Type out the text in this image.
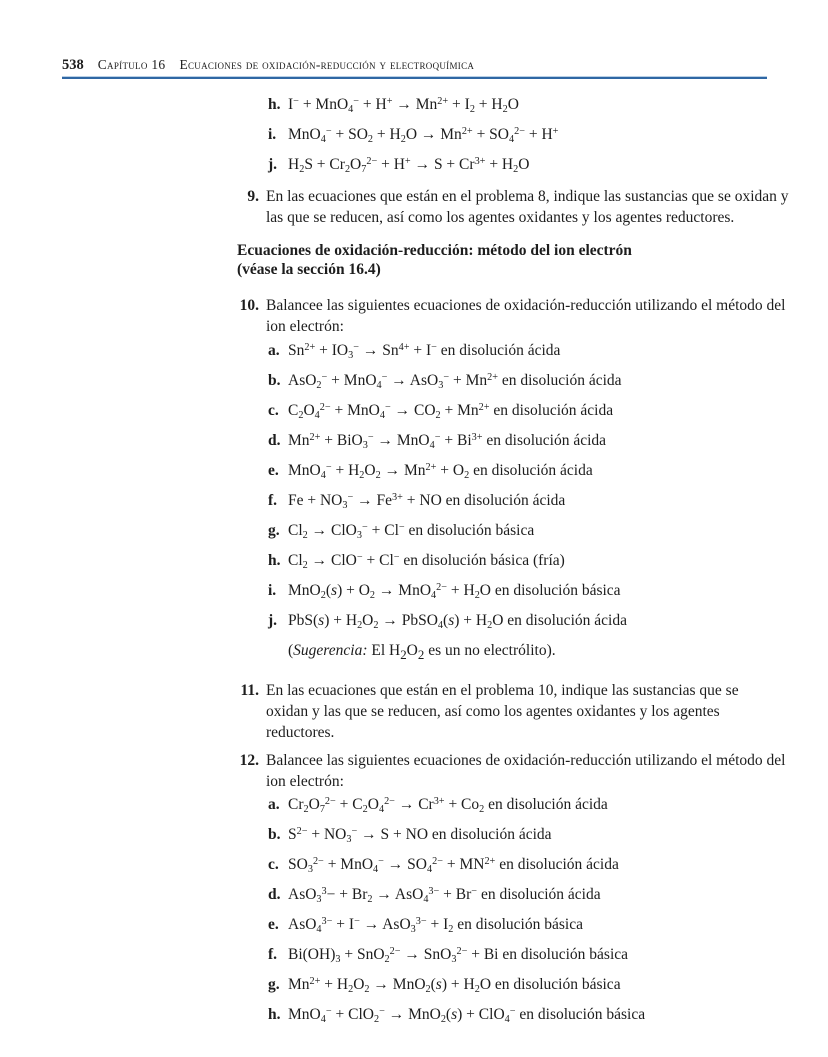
538 Capítulo 16 Ecuaciones de oxidación-reducción y electroquímica
h. $I^- + MnO_4^- + H^+ \to Mn^{2+} + I_2 + H_2O$
i. $MnO_4^- + SO_2 + H_2O \to Mn^{2+} + SO_4^{2-} + H^+$
j. $H_2S + Cr_2O_7^{2-} + H^+ \to S + Cr^{3+} + H_2O$
9. En las ecuaciones que están en el problema 8, indique las sustancias que se oxidan y
las que se reducen, así como los agentes oxidantes y los agentes reductores.
Ecuaciones de oxidación-reducción: método del ion electrón
(véase la sección 16.4)
10. Balancee las siguientes ecuaciones de oxidación-reducción utilizando el método del
ion electrón:
a. $Sn^{2+} + IO_3^- \to Sn^{4+} + I^-$ en disolución ácida
b. $AsO_2^- + MnO_4^- \to AsO_3^- + Mn^{2+}$ en disolución ácida
c. $C_2O_4^{2-} + MnO_4^- \to CO_2 + Mn^{2+}$ en disolución ácida
d. $Mn^{2+} + BiO_3^- \to MnO_4^- + Bi^{3+}$ en disolución ácida
e. $MnO_4^- + H_2O_2 \to Mn^{2+} + O_2$ en disolución ácida
f. $Fe + NO_3^- \to Fe^{3+}$ + NO en disolución ácida
g. $Cl_2 \to ClO_3^- + Cl^-$ en disolución básica
h. $Cl_2 \to ClO^- + Cl^-$ en disolución básica (fría)
i. $MnO_2(s) + O_2 \to MnO_4^{2-} + H_2O$ en disolución básica
j. $PbS(s) + H_2O_2$ → PbSO$_4$(s) + $H_2O$ en disolución ácida
(Sugerencia: El $H_2O_2$ es un no electrólito).
11. En las ecuaciones que están en el problema 10, indique las sustancias que se
oxidan y las que se reducen, así como los agentes oxidantes y los agentes
reductores.
12. Balancee las siguientes ecuaciones de oxidación-reducción utilizando el método del
ion electrón:
a. $Cr_2O_7^{2-} + C_2O_4^{2-} \to Cr^{3+} + Co_2$ en disolución ácida
b. $S^{2-} + NO_3^- \to S$ + NO en disolución ácida
c. $SO_3^{2-} + MnO_4^- \to SO_4^{2-} + MN^{2+}$ en disolución ácida
d. $AsO_3^3- + Br_2 \to AsO_4^{3-} + Br^-$ en disolución ácida
e. $AsO_4^{3-} + I^- \to AsO_3^{3-} + I_2$ en disolución básica
f. $Bi(OH)_3 + SnO_2^{2-} \to SnO_3^{2-} + Bi$ en disolución básica
g. $Mn^{2+} + H_2O_2 \to MnO_2(s) + H_2O$ en disolución básica
h. MnO$_4$− + ClO$_2$− → MnO$_2$(s) + ClO$_4$− en disolución básica
